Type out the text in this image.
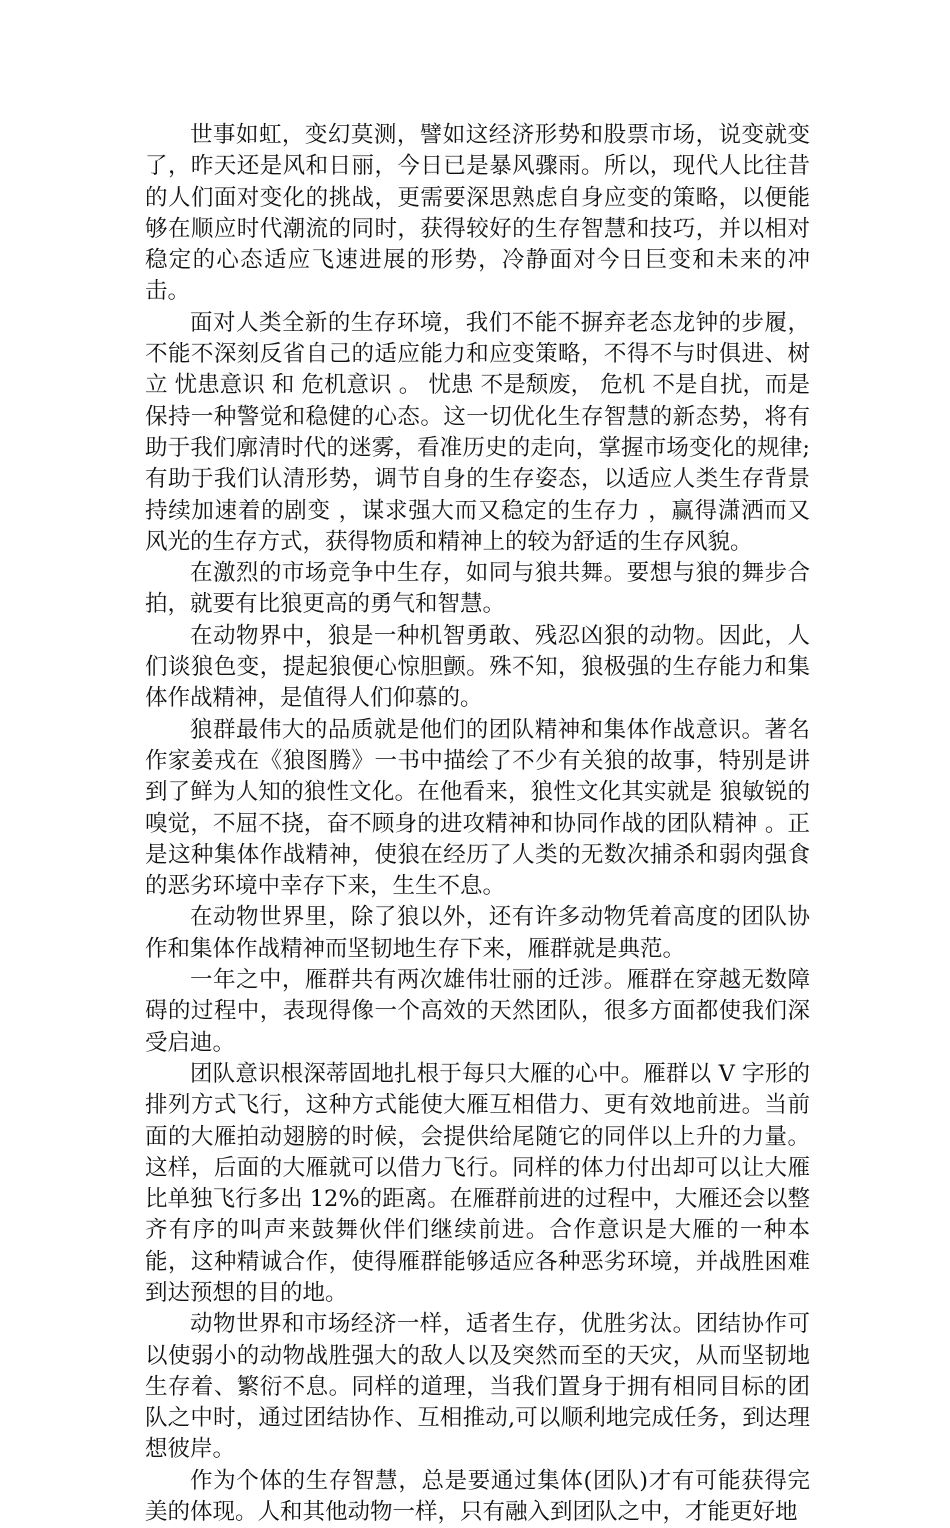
世事如虹，变幻莫测，譬如这经济形势和股票市场，说变就变了，昨天还是风和日丽，今日已是暴风骤雨。所以，现代人比往昔的人们面对变化的挑战，更需要深思熟虑自身应变的策略，以便能够在顺应时代潮流的同时，获得较好的生存智慧和技巧，并以相对稳定的心态适应飞速进展的形势，冷静面对今日巨变和未来的冲击。

面对人类全新的生存环境，我们不能不摒弃老态龙钟的步履，不能不深刻反省自己的适应能力和应变策略，不得不与时俱进、树立 忧患意识 和 危机意识 。 忧患 不是颓废， 危机 不是自扰，而是保持一种警觉和稳健的心态。这一切优化生存智慧的新态势，将有助于我们廓清时代的迷雾，看准历史的走向，掌握市场变化的规律;有助于我们认清形势，调节自身的生存姿态，以适应人类生存背景持续加速着的剧变 ，谋求强大而又稳定的生存力 ，赢得潇洒而又风光的生存方式，获得物质和精神上的较为舒适的生存风貌。

在激烈的市场竞争中生存，如同与狼共舞。要想与狼的舞步合拍，就要有比狼更高的勇气和智慧。

在动物界中，狼是一种机智勇敢、残忍凶狠的动物。因此，人们谈狼色变，提起狼便心惊胆颤。殊不知，狼极强的生存能力和集体作战精神，是值得人们仰慕的。

狼群最伟大的品质就是他们的团队精神和集体作战意识。著名作家姜戎在《狼图腾》一书中描绘了不少有关狼的故事，特别是讲到了鲜为人知的狼性文化。在他看来，狼性文化其实就是 狼敏锐的嗅觉，不屈不挠，奋不顾身的进攻精神和协同作战的团队精神 。正是这种集体作战精神，使狼在经历了人类的无数次捕杀和弱肉强食的恶劣环境中幸存下来，生生不息。

在动物世界里，除了狼以外，还有许多动物凭着高度的团队协作和集体作战精神而坚韧地生存下来，雁群就是典范。

一年之中，雁群共有两次雄伟壮丽的迁涉。雁群在穿越无数障碍的过程中，表现得像一个高效的天然团队，很多方面都使我们深受启迪。

团队意识根深蒂固地扎根于每只大雁的心中。雁群以 V 字形的排列方式飞行，这种方式能使大雁互相借力、更有效地前进。当前面的大雁拍动翅膀的时候，会提供给尾随它的同伴以上升的力量。这样，后面的大雁就可以借力飞行。同样的体力付出却可以让大雁比单独飞行多出 12%的距离。在雁群前进的过程中，大雁还会以整齐有序的叫声来鼓舞伙伴们继续前进。合作意识是大雁的一种本能，这种精诚合作，使得雁群能够适应各种恶劣环境，并战胜困难到达预想的目的地。

动物世界和市场经济一样，适者生存，优胜劣汰。团结协作可以使弱小的动物战胜强大的敌人以及突然而至的天灾，从而坚韧地生存着、繁衍不息。同样的道理，当我们置身于拥有相同目标的团队之中时，通过团结协作、互相推动,可以顺利地完成任务，到达理想彼岸。

作为个体的生存智慧，总是要通过集体(团队)才有可能获得完美的体现。人和其他动物一样，只有融入到团队之中，才能更好地
